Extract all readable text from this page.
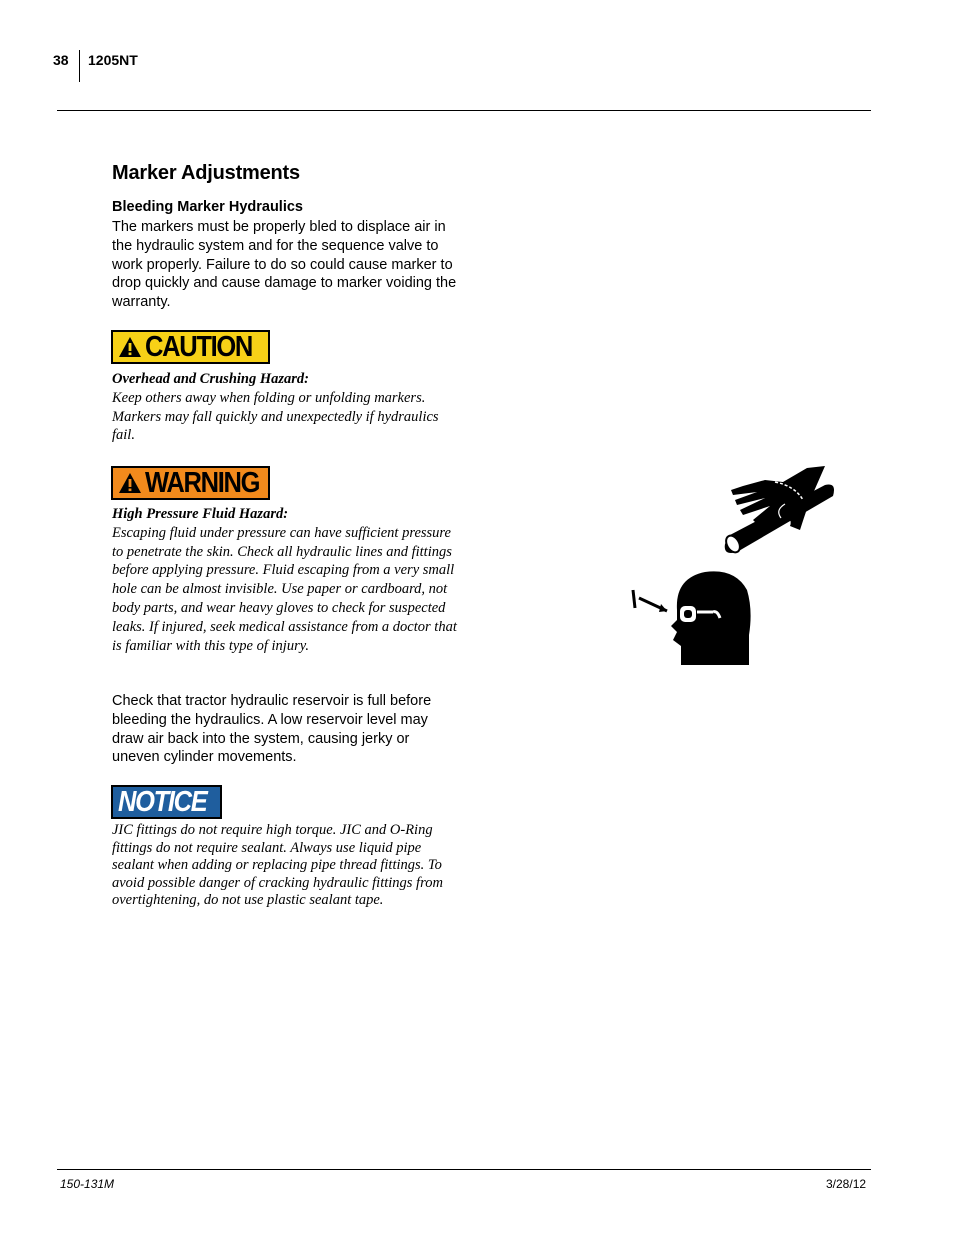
38 1205NT
Marker Adjustments
Bleeding Marker Hydraulics
The markers must be properly bled to displace air in the hydraulic system and for the sequence valve to work properly. Failure to do so could cause marker to drop quickly and cause damage to marker voiding the warranty.
CAUTION
Overhead and Crushing Hazard:
Keep others away when folding or unfolding markers. Markers may fall quickly and unexpectedly if hydraulics fail.
WARNING
High Pressure Fluid Hazard:
Escaping fluid under pressure can have sufficient pressure to penetrate the skin. Check all hydraulic lines and fittings before applying pressure. Fluid escaping from a very small hole can be almost invisible. Use paper or cardboard, not body parts, and wear heavy gloves to check for suspected leaks. If injured, seek medical assistance from a doctor that is familiar with this type of injury.
Check that tractor hydraulic reservoir is full before bleeding the hydraulics. A low reservoir level may draw air back into the system, causing jerky or uneven cylinder movements.
NOTICE
JIC fittings do not require high torque. JIC and O-Ring fittings do not require sealant. Always use liquid pipe sealant when adding or replacing pipe thread fittings. To avoid possible danger of cracking hydraulic fittings from overtightening, do not use plastic sealant tape.
150-131M	3/28/12
